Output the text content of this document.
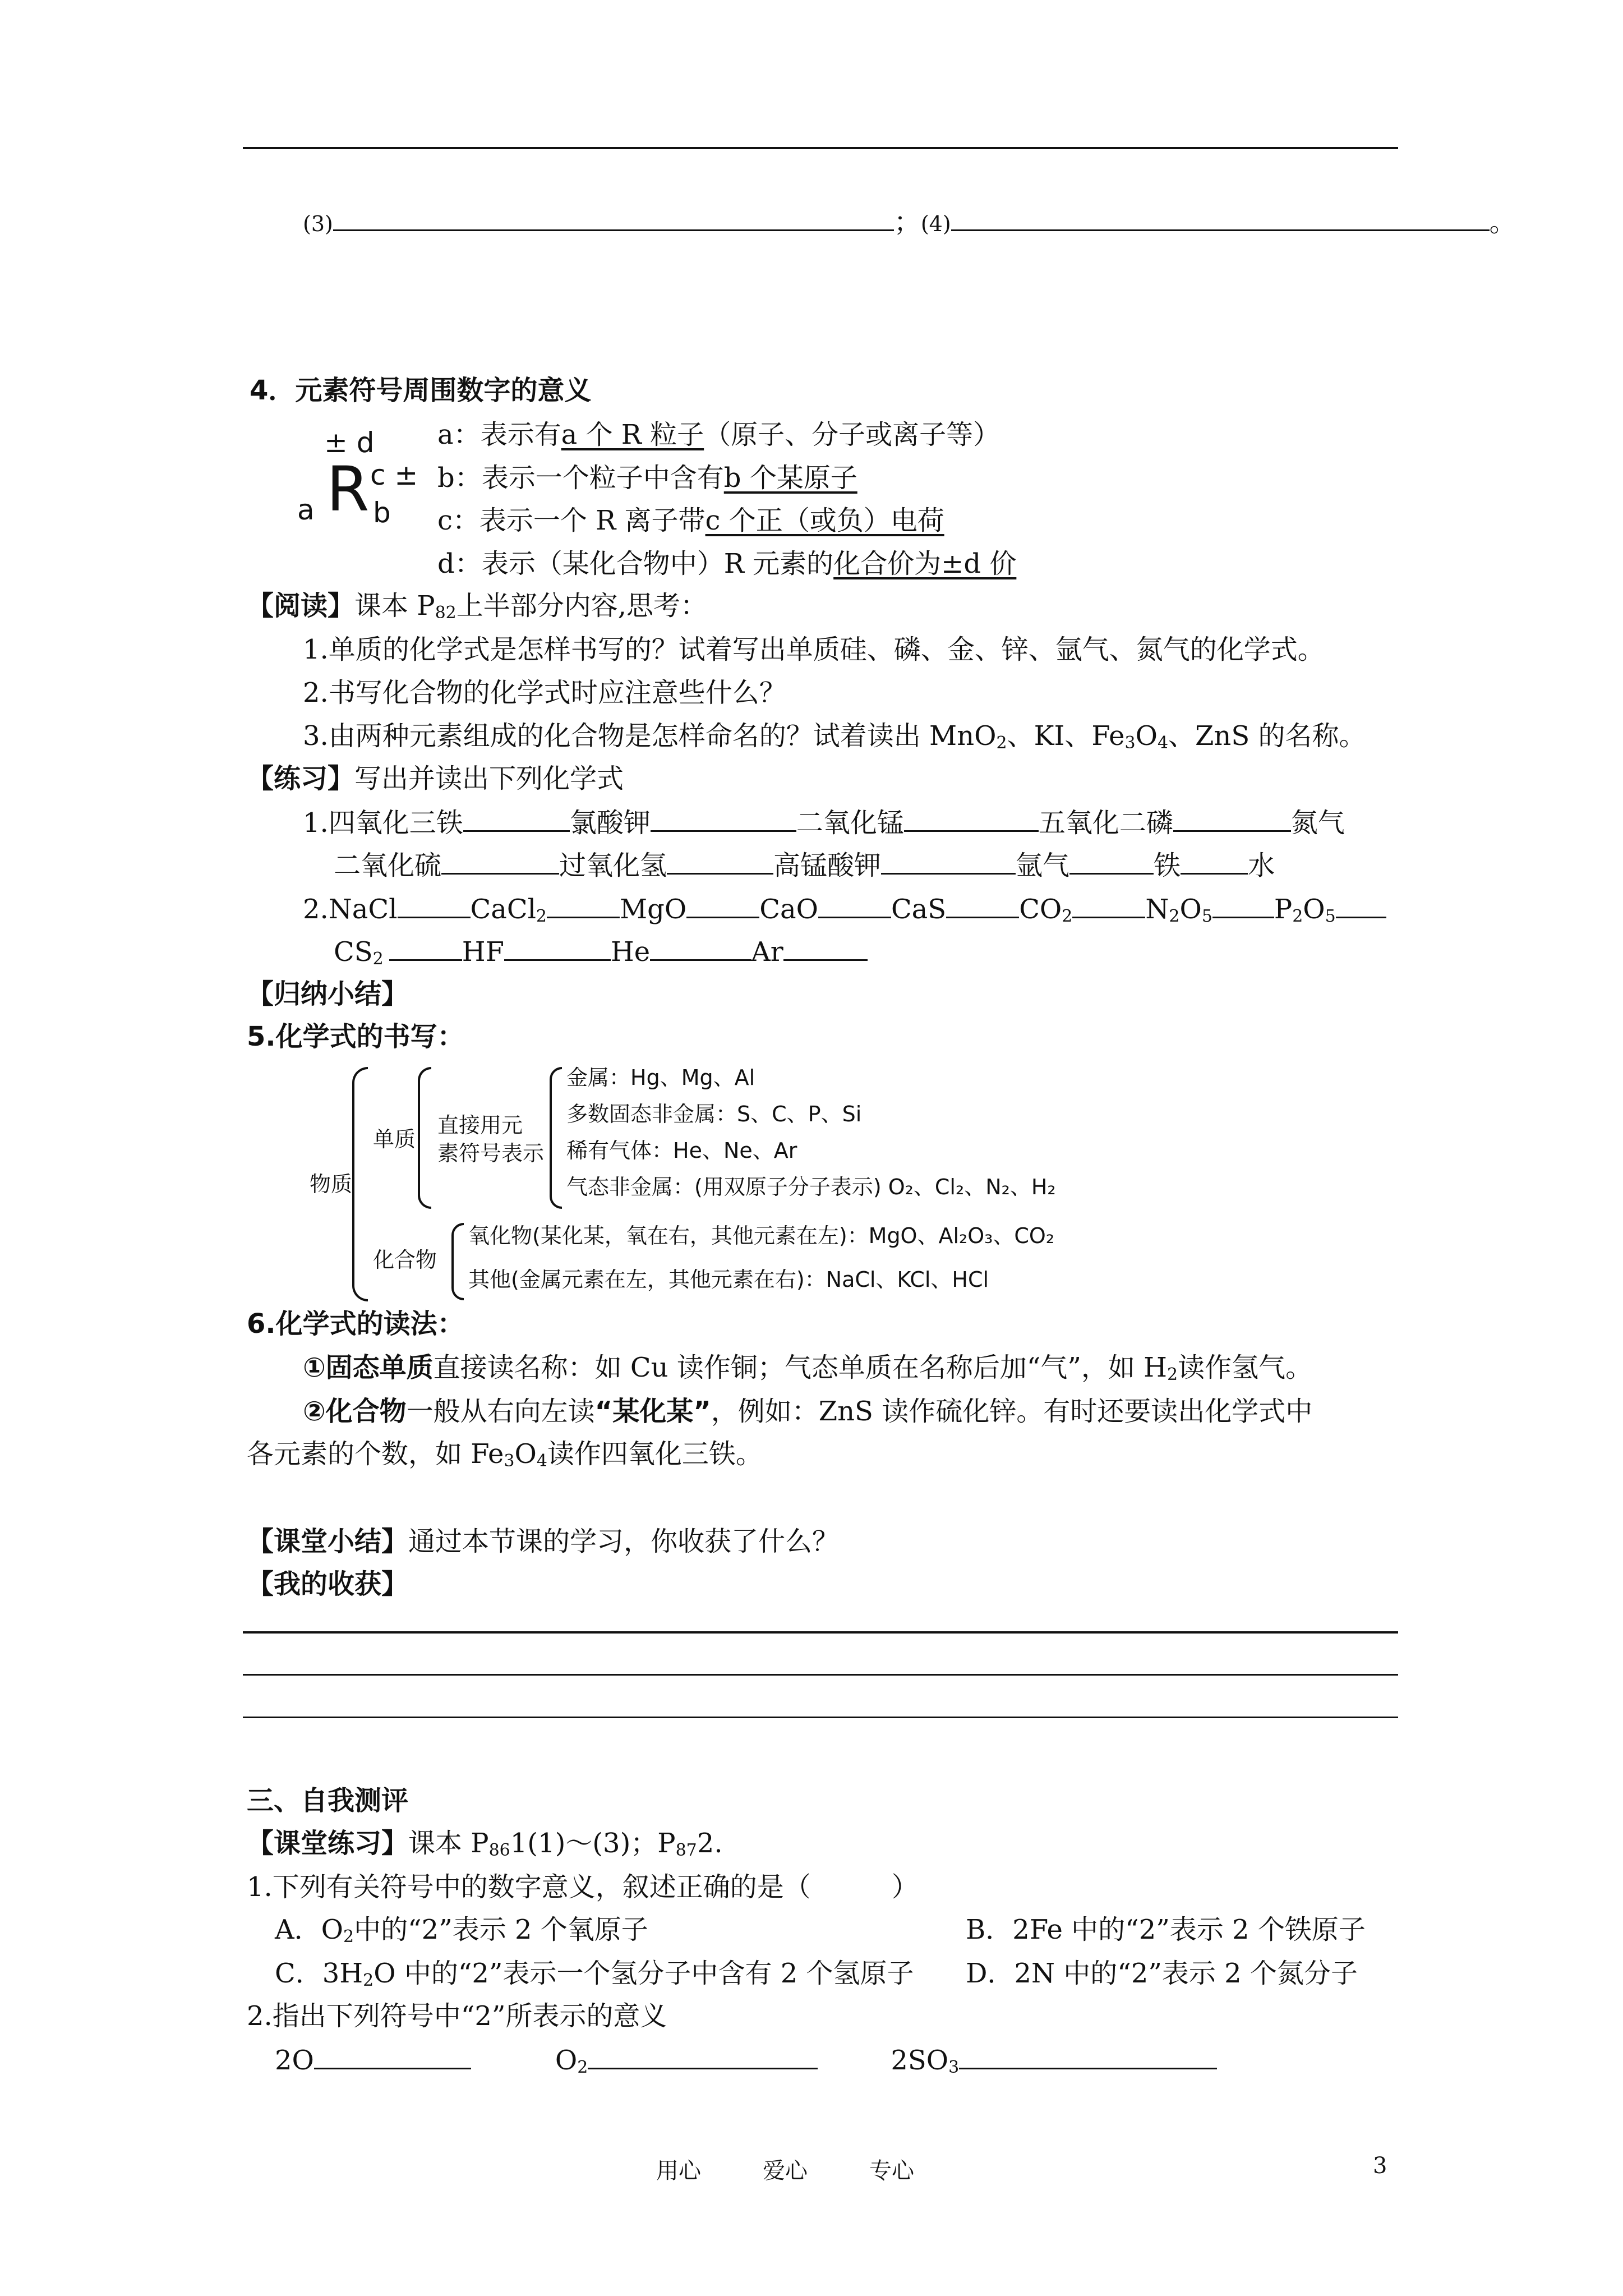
(3)	；(4)	。
4．元素符号周围数字的意义
± d
a R c ±
b
a：表示有a 个 R 粒子（原子、分子或离子等）
b：表示一个粒子中含有b 个某原子
c：表示一个 R 离子带c 个正（或负）电荷
d：表示（某化合物中）R 元素的化合价为±d 价
【阅读】课本 $P_{82}$上半部分内容,思考：
1.单质的化学式是怎样书写的？试着写出单质硅、磷、金、锌、氩气、氮气的化学式。
2.书写化合物的化学式时应注意些什么？
3.由两种元素组成的化合物是怎样命名的？试着读出 MnO$_2$、KI、$Fe_3O_4$、ZnS 的名称。
【练习】写出并读出下列化学式
1.四氧化三铁	氯酸钾	二氧化锰	五氧化二磷	氮气
二氧化硫	过氧化氢	高锰酸钾	氩气	铁	水
2.NaCl	CaCl$_2$	MgO	CaO	CaS	$CO_2$	$N_2O_5$ $P_2O_5$
$CS_2$	HF	He	Ar
【归纳小结】
5.化学式的书写：
物质
单质
直接用元
素符号表示
金属：Hg、Mg、Al
多数固态非金属：S、C、P、Si
稀有气体：He、Ne、Ar
气态非金属：(用双原子分子表示) O₂、Cl₂、N₂、H₂
化合物
氧化物(某化某，氧在右，其他元素在左)：MgO、Al₂O₃、CO₂
其他(金属元素在左，其他元素在右)：NaCl、KCl、HCl
6.化学式的读法：
①固态单质直接读名称：如 Cu 读作铜；气态单质在名称后加“气”，如 $H_2$读作氢气。
②化合物一般从右向左读“某化某”，例如：ZnS 读作硫化锌。有时还要读出化学式中
各元素的个数，如 $Fe_3O_4$读作四氧化三铁。
【课堂小结】通过本节课的学习，你收获了什么？
【我的收获】
三、自我测评
【课堂练习】课本 $P_{86}1(1)\sim(3)$；$P_{87}2$.
1.下列有关符号中的数字意义，叙述正确的是（　　　）
A．$O_2$中的“2”表示 2 个氧原子	B．2Fe 中的“2”表示 2 个铁原子
C．$3H_2O$ 中的“2”表示一个氢分子中含有 2 个氢原子 D．2N 中的“2”表示 2 个氮分子
2.指出下列符号中“2”所表示的意义
2O	$O_2$	$2SO_3$
用心	爱心	专心	3
